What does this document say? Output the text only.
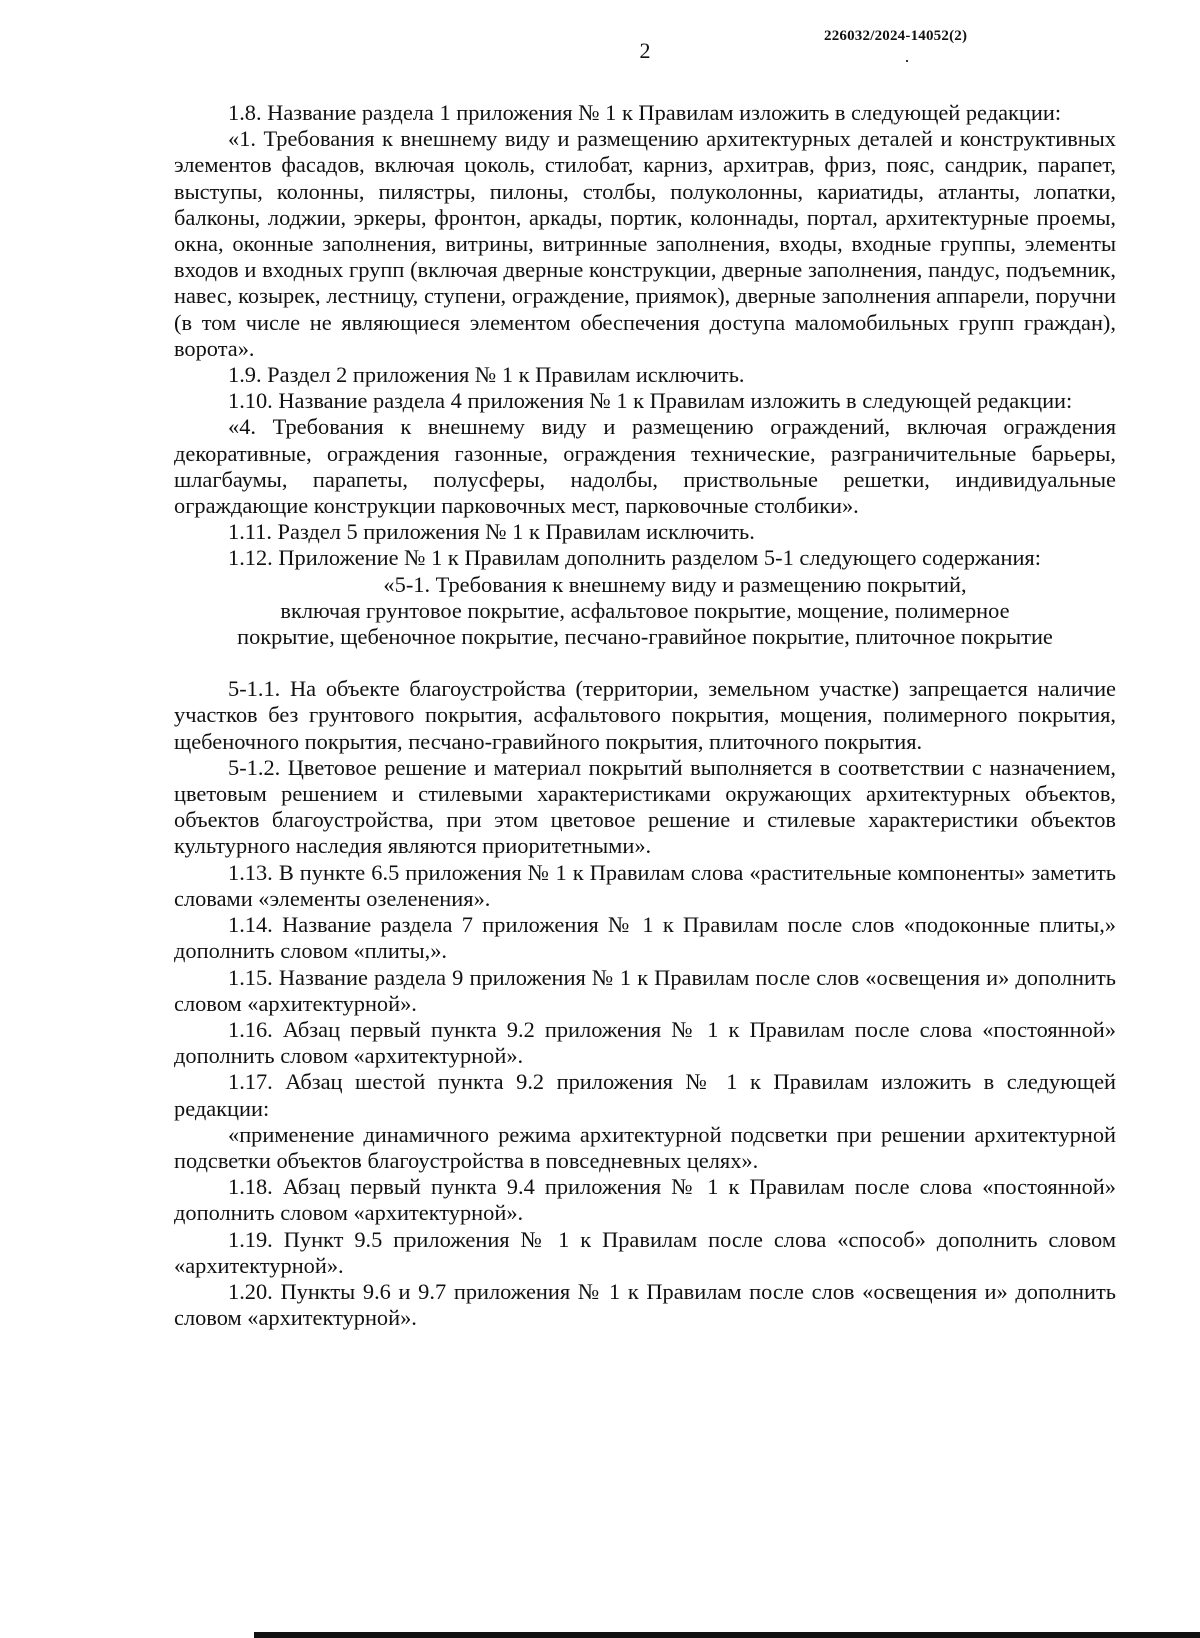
226032/2024-14052(2)
2

1.8. Название раздела 1 приложения № 1 к Правилам изложить в следующей редакции:

«1. Требования к внешнему виду и размещению архитектурных деталей и конструктивных элементов фасадов, включая цоколь, стилобат, карниз, архитрав, фриз, пояс, сандрик, парапет, выступы, колонны, пилястры, пилоны, столбы, полуколонны, кариатиды, атланты, лопатки, балконы, лоджии, эркеры, фронтон, аркады, портик, колоннады, портал, архитектурные проемы, окна, оконные заполнения, витрины, витринные заполнения, входы, входные группы, элементы входов и входных групп (включая дверные конструкции, дверные заполнения, пандус, подъемник, навес, козырек, лестницу, ступени, ограждение, приямок), дверные заполнения аппарели, поручни (в том числе не являющиеся элементом обеспечения доступа маломобильных групп граждан), ворота».

1.9. Раздел 2 приложения № 1 к Правилам исключить.

1.10. Название раздела 4 приложения № 1 к Правилам изложить в следующей редакции:

«4. Требования к внешнему виду и размещению ограждений, включая ограждения декоративные, ограждения газонные, ограждения технические, разграничительные барьеры, шлагбаумы, парапеты, полусферы, надолбы, приствольные решетки, индивидуальные ограждающие конструкции парковочных мест, парковочные столбики».

1.11. Раздел 5 приложения № 1 к Правилам исключить.

1.12. Приложение № 1 к Правилам дополнить разделом 5-1 следующего содержания:

«5-1. Требования к внешнему виду и размещению покрытий,

включая грунтовое покрытие, асфальтовое покрытие, мощение, полимерное

покрытие, щебеночное покрытие, песчано-гравийное покрытие, плиточное покрытие

5-1.1. На объекте благоустройства (территории, земельном участке) запрещается наличие участков без грунтового покрытия, асфальтового покрытия, мощения, полимерного покрытия, щебеночного покрытия, песчано-гравийного покрытия, плиточного покрытия.

5-1.2. Цветовое решение и материал покрытий выполняется в соответствии с назначением, цветовым решением и стилевыми характеристиками окружающих архитектурных объектов, объектов благоустройства, при этом цветовое решение и стилевые характеристики объектов культурного наследия являются приоритетными».

1.13. В пункте 6.5 приложения № 1 к Правилам слова «растительные компоненты» заметить словами «элементы озеленения».

1.14. Название раздела 7 приложения № 1 к Правилам после слов «подоконные плиты,» дополнить словом «плиты,».

1.15. Название раздела 9 приложения № 1 к Правилам после слов «освещения и» дополнить словом «архитектурной».

1.16. Абзац первый пункта 9.2 приложения № 1 к Правилам после слова «постоянной» дополнить словом «архитектурной».

1.17. Абзац шестой пункта 9.2 приложения № 1 к Правилам изложить в следующей редакции:

«применение динамичного режима архитектурной подсветки при решении архитектурной подсветки объектов благоустройства в повседневных целях».

1.18. Абзац первый пункта 9.4 приложения № 1 к Правилам после слова «постоянной» дополнить словом «архитектурной».

1.19. Пункт 9.5 приложения № 1 к Правилам после слова «способ» дополнить словом «архитектурной».

1.20. Пункты 9.6 и 9.7 приложения № 1 к Правилам после слов «освещения и» дополнить словом «архитектурной».
